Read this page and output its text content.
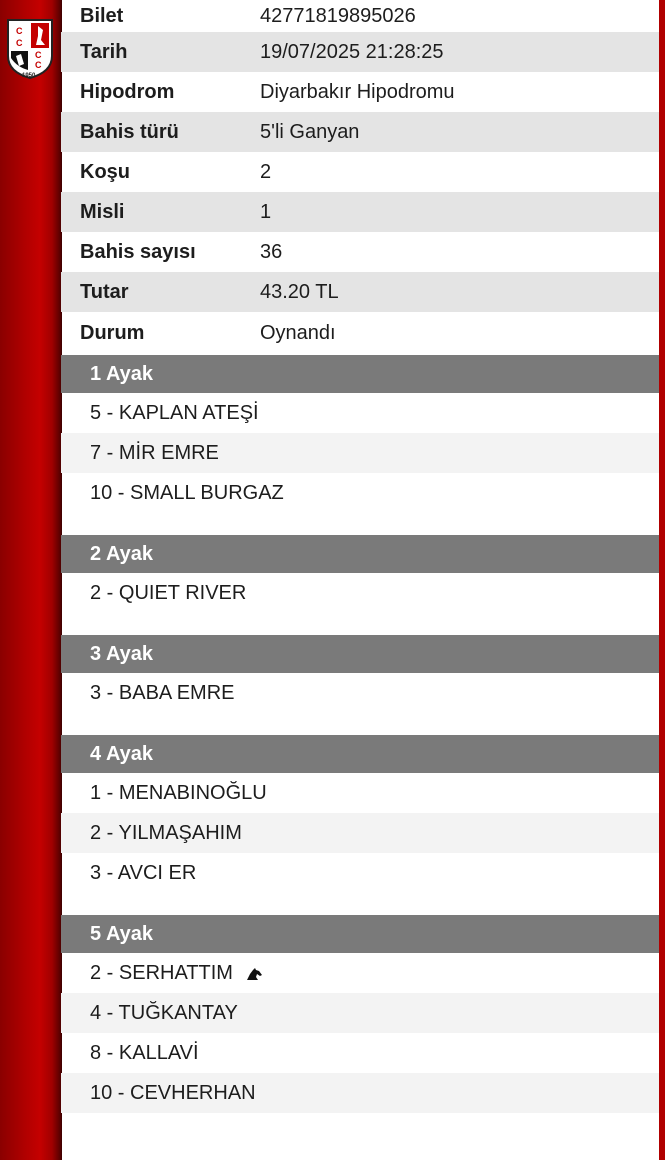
C
C
C
C
1950
Bilet	42771819895026
Tarih	19/07/2025 21:28:25
Hipodrom	Diyarbakır Hipodromu
Bahis türü	5'li Ganyan
Koşu	2
Misli	1
Bahis sayısı	36
Tutar	43.20 TL
Durum	Oynandı
1 Ayak
5 - KAPLAN ATEŞİ
7 - MİR EMRE
10 - SMALL BURGAZ
2 Ayak
2 - QUIET RIVER
3 Ayak
3 - BABA EMRE
4 Ayak
1 - MENABINOĞLU
2 - YILMAŞAHIM
3 - AVCI ER
5 Ayak
2 - SERHATTIM
4 - TUĞKANTAY
8 - KALLAVİ
10 - CEVHERHAN
